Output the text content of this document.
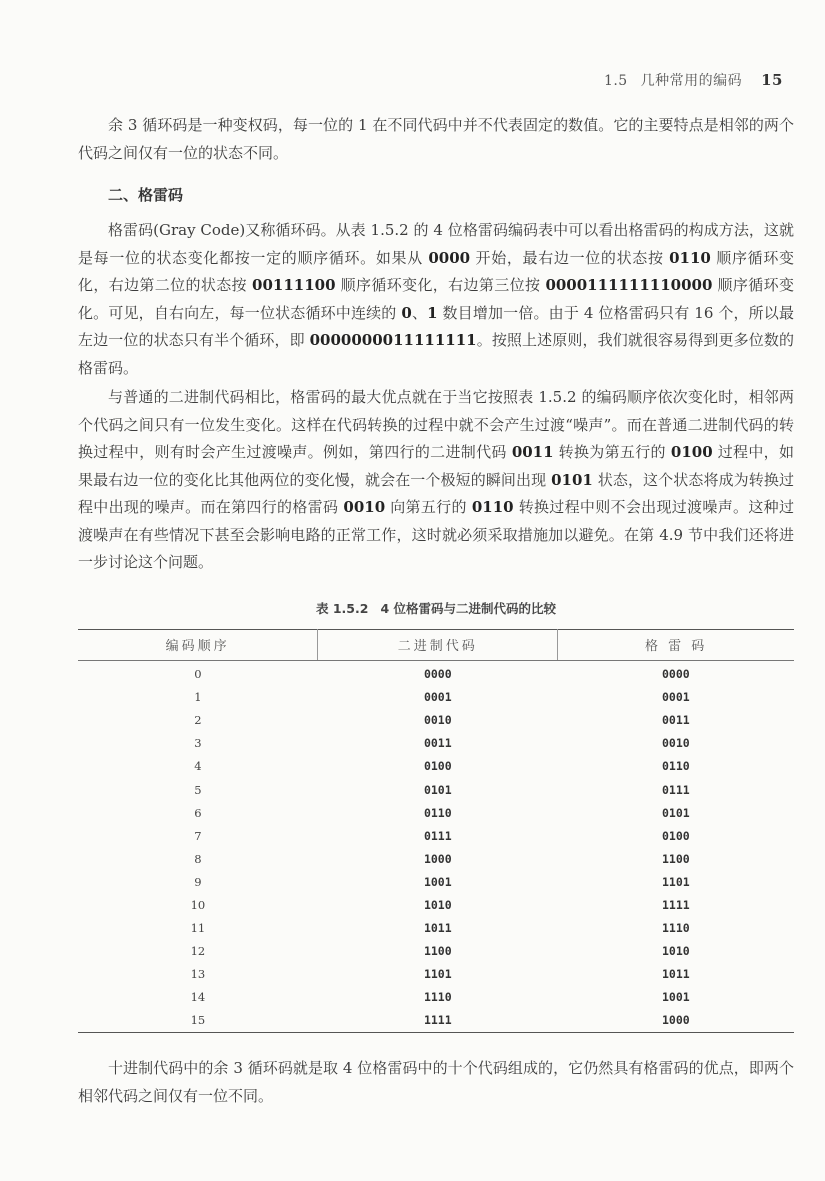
1.5 几种常用的编码 15

余 3 循环码是一种变权码，每一位的 1 在不同代码中并不代表固定的数值。它的主要特点是相邻的两个代码之间仅有一位的状态不同。

二、格雷码

格雷码(Gray Code)又称循环码。从表 1.5.2 的 4 位格雷码编码表中可以看出格雷码的构成方法，这就是每一位的状态变化都按一定的顺序循环。如果从 0000 开始，最右边一位的状态按 0110 顺序循环变化，右边第二位的状态按 00111100 顺序循环变化，右边第三位按 0000111111110000 顺序循环变化。可见，自右向左，每一位状态循环中连续的 0、1 数目增加一倍。由于 4 位格雷码只有 16 个，所以最左边一位的状态只有半个循环，即 0000000011111111。按照上述原则，我们就很容易得到更多位数的格雷码。

与普通的二进制代码相比，格雷码的最大优点就在于当它按照表 1.5.2 的编码顺序依次变化时，相邻两个代码之间只有一位发生变化。这样在代码转换的过程中就不会产生过渡“噪声”。而在普通二进制代码的转换过程中，则有时会产生过渡噪声。例如，第四行的二进制代码 0011 转换为第五行的 0100 过程中，如果最右边一位的变化比其他两位的变化慢，就会在一个极短的瞬间出现 0101 状态，这个状态将成为转换过程中出现的噪声。而在第四行的格雷码 0010 向第五行的 0110 转换过程中则不会出现过渡噪声。这种过渡噪声在有些情况下甚至会影响电路的正常工作，这时就必须采取措施加以避免。在第 4.9 节中我们还将进一步讨论这个问题。

表 1.5.2 4 位格雷码与二进制代码的比较
编码顺序	二进制代码	格 雷 码
0	0000	0000
1	0001	0001
2	0010	0011
3	0011	0010
4	0100	0110
5	0101	0111
6	0110	0101
7	0111	0100
8	1000	1100
9	1001	1101
10	1010	1111
11	1011	1110
12	1100	1010
13	1101	1011
14	1110	1001
15	1111	1000

十进制代码中的余 3 循环码就是取 4 位格雷码中的十个代码组成的，它仍然具有格雷码的优点，即两个相邻代码之间仅有一位不同。
